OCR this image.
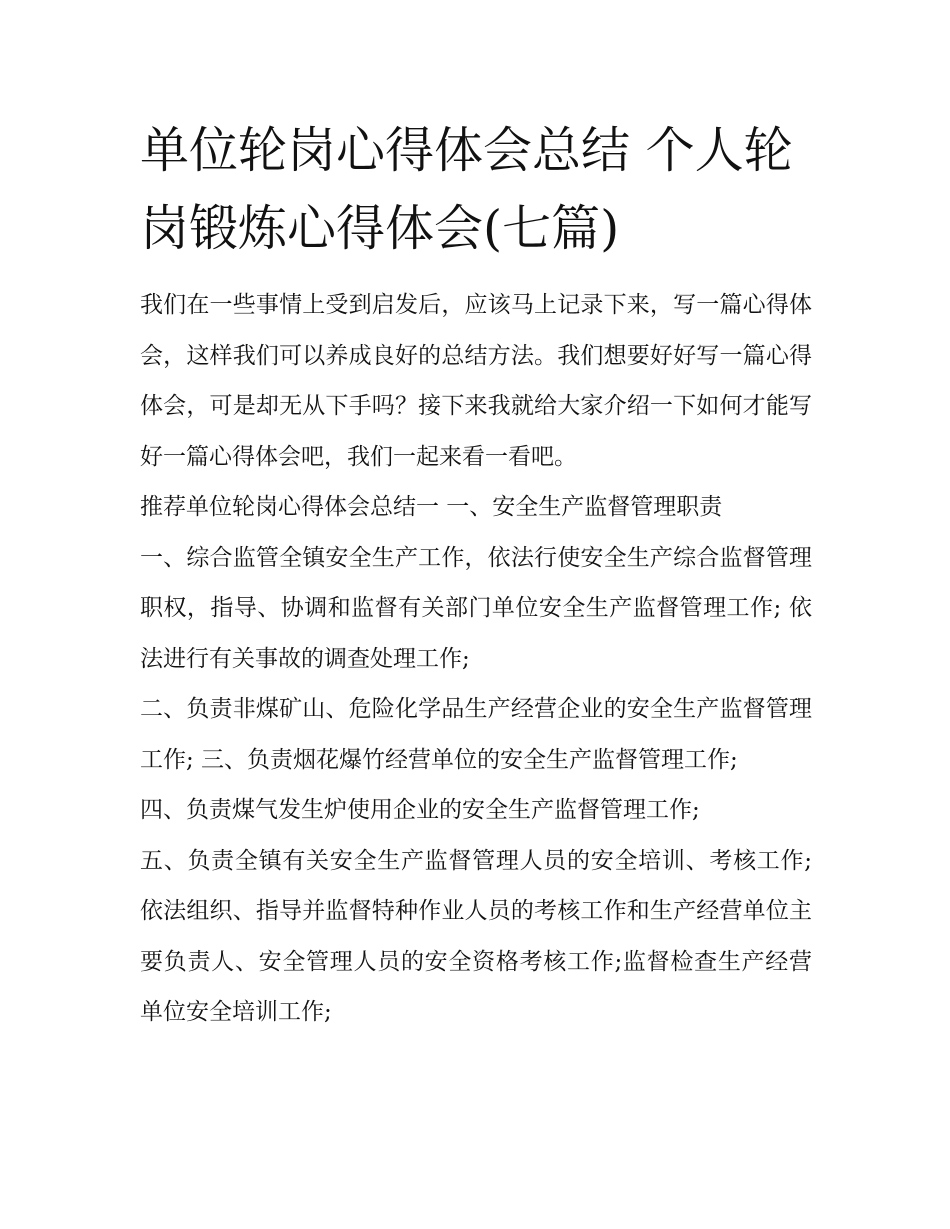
单位轮岗心得体会总结 个人轮岗锻炼心得体会(七篇)

我们在一些事情上受到启发后，应该马上记录下来，写一篇心得体会，这样我们可以养成良好的总结方法。我们想要好好写一篇心得体会，可是却无从下手吗？接下来我就给大家介绍一下如何才能写好一篇心得体会吧，我们一起来看一看吧。

推荐单位轮岗心得体会总结一 一、安全生产监督管理职责

一、综合监管全镇安全生产工作，依法行使安全生产综合监督管理职权，指导、协调和监督有关部门单位安全生产监督管理工作; 依法进行有关事故的调查处理工作;

二、负责非煤矿山、危险化学品生产经营企业的安全生产监督管理工作; 三、负责烟花爆竹经营单位的安全生产监督管理工作;

四、负责煤气发生炉使用企业的安全生产监督管理工作;

五、负责全镇有关安全生产监督管理人员的安全培训、考核工作;依法组织、指导并监督特种作业人员的考核工作和生产经营单位主要负责人、安全管理人员的安全资格考核工作;监督检查生产经营单位安全培训工作;
